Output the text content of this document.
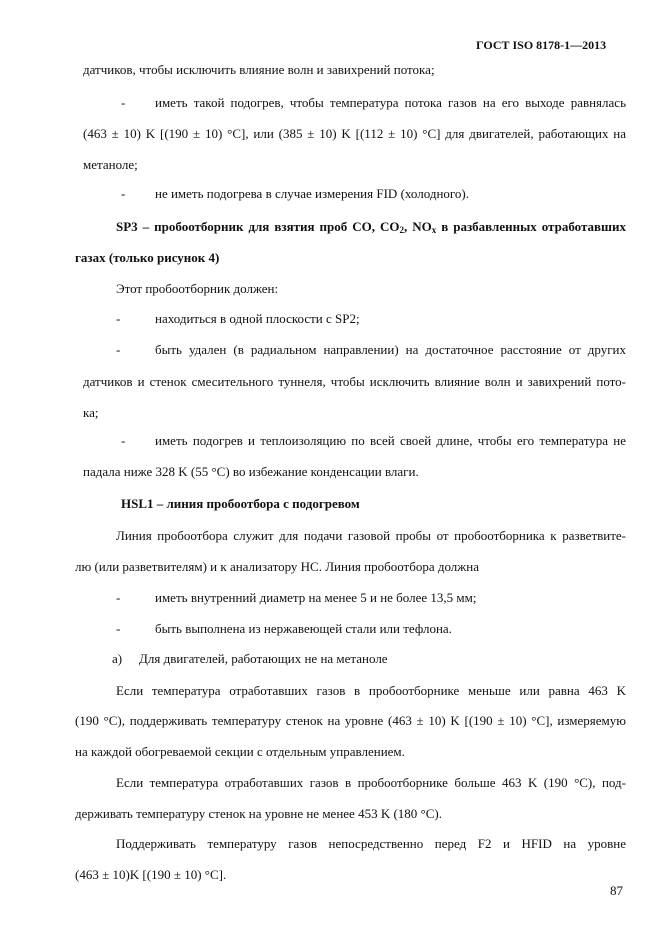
ГОСТ ISO 8178-1—2013
датчиков, чтобы исключить влияние волн и завихрений потока;
- иметь такой подогрев, чтобы температура потока газов на его выходе равнялась
(463 ± 10) K [(190 ± 10) °C], или (385 ± 10) K [(112 ± 10) °C] для двигателей, работающих на
метаноле;
- не иметь подогрева в случае измерения FID (холодного).
SP3 – пробоотборник для взятия проб CO, $CO_2$, $NO_x$ в разбавленных отработавших
газах (только рисунок 4)
Этот пробоотборник должен:
-	находиться в одной плоскости с SP2;
-	быть удален (в радиальном направлении) на достаточное расстояние от других
датчиков и стенок смесительного туннеля, чтобы исключить влияние волн и завихрений пото-
ка;
- иметь подогрев и теплоизоляцию по всей своей длине, чтобы его температура не
падала ниже 328 K (55 °C) во избежание конденсации влаги.
HSL1 – линия пробоотбора с подогревом
Линия пробоотбора служит для подачи газовой пробы от пробоотборника к разветвите-
лю (или разветвителям) и к анализатору НС. Линия пробоотбора должна
-	иметь внутренний диаметр на менее 5 и не более 13,5 мм;
-	быть выполнена из нержавеющей стали или тефлона.
а) Для двигателей, работающих не на метаноле
Если температура отработавших газов в пробоотборнике меньше или равна 463 K
(190 °C), поддерживать температуру стенок на уровне (463 ± 10) K [(190 ± 10) °C], измеряемую
на каждой обогреваемой секции с отдельным управлением.
Если температура отработавших газов в пробоотборнике больше 463 K (190 °C), под-
держивать температуру стенок на уровне не менее 453 K (180 °C).
Поддерживать температуру газов непосредственно перед F2 и HFID на уровне
(463 ± 10)K [(190 ± 10) °C].
87
